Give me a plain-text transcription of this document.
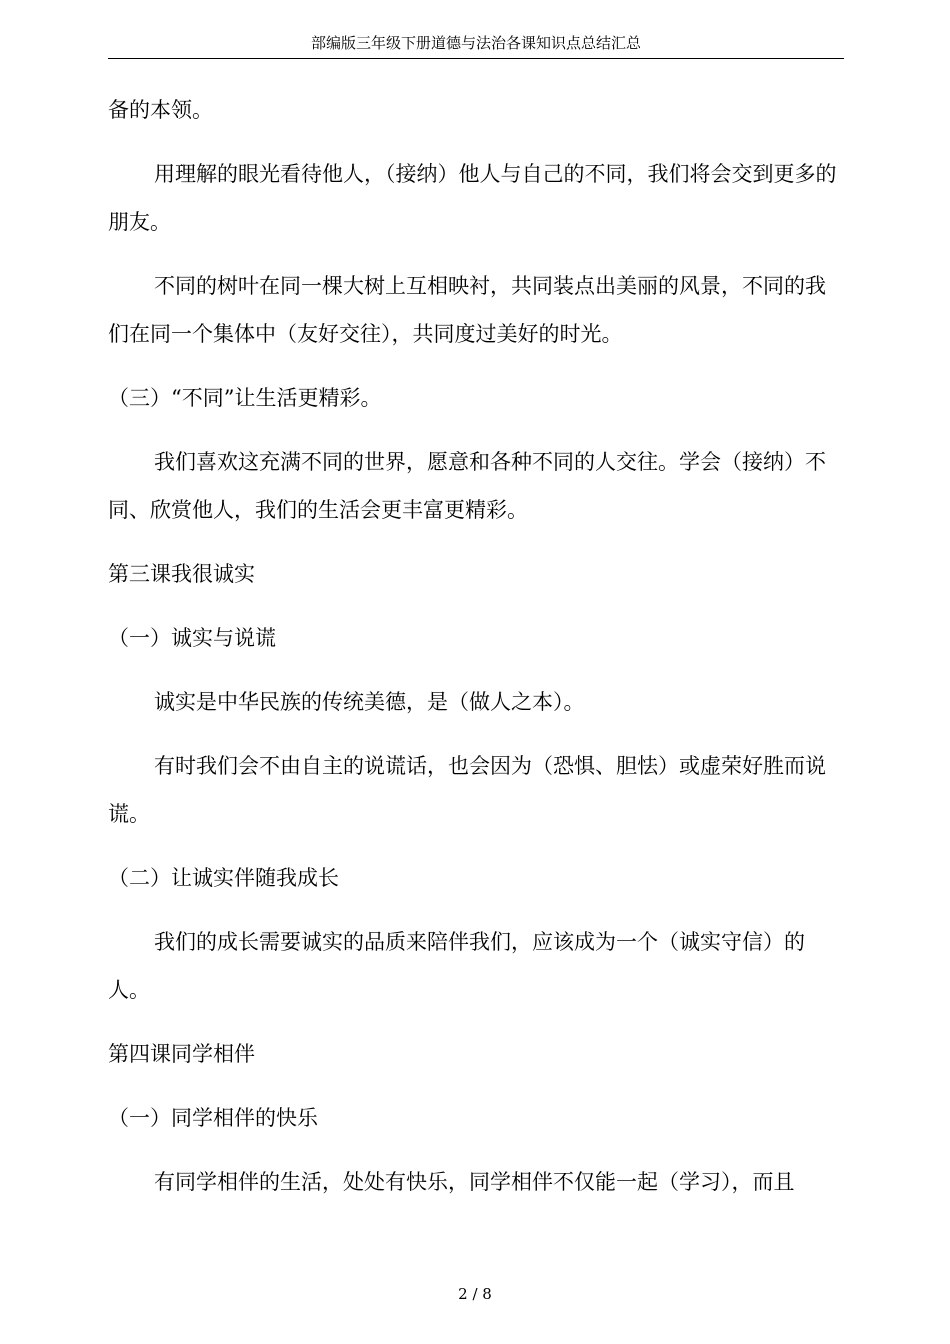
部编版三年级下册道德与法治各课知识点总结汇总

备的本领。

用理解的眼光看待他人，（接纳）他人与自己的不同，我们将会交到更多的朋友。

不同的树叶在同一棵大树上互相映衬，共同装点出美丽的风景，不同的我们在同一个集体中（友好交往），共同度过美好的时光。

（三）“不同”让生活更精彩。

我们喜欢这充满不同的世界，愿意和各种不同的人交往。学会（接纳）不同、欣赏他人，我们的生活会更丰富更精彩。

第三课我很诚实

（一）诚实与说谎

诚实是中华民族的传统美德，是（做人之本）。

有时我们会不由自主的说谎话，也会因为（恐惧、胆怯）或虚荣好胜而说谎。

（二）让诚实伴随我成长

我们的成长需要诚实的品质来陪伴我们，应该成为一个（诚实守信）的人。

第四课同学相伴

（一）同学相伴的快乐

有同学相伴的生活，处处有快乐，同学相伴不仅能一起（学习），而且

2 / 8
